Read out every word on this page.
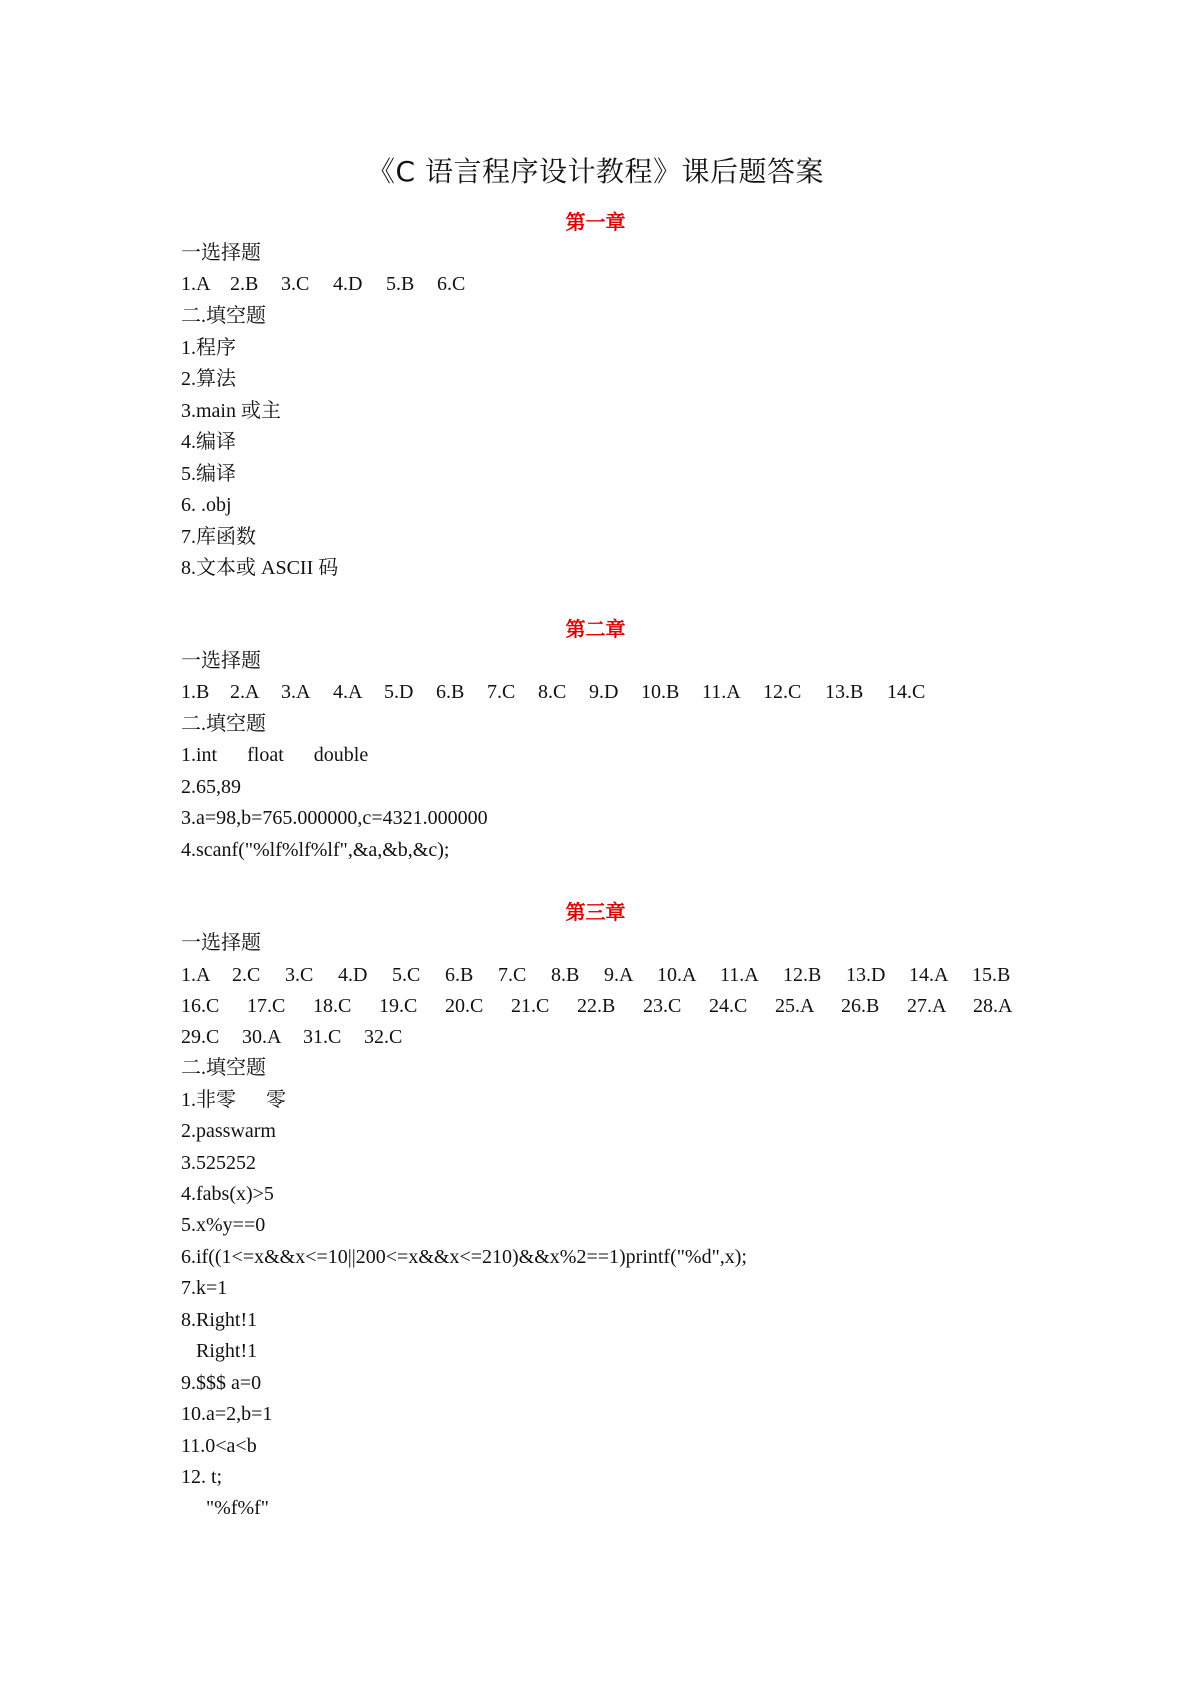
《C 语言程序设计教程》课后题答案
第一章
一选择题
1.A 2.B 3.C 4.D 5.B 6.C
二.填空题
1.程序
2.算法
3.main 或主
4.编译
5.编译
6. .obj
7.库函数
8.文本或 ASCII 码
第二章
一选择题
1.B 2.A 3.A 4.A 5.D 6.B 7.C 8.C 9.D 10.B 11.A 12.C 13.B 14.C
二.填空题
1.int      float      double
2.65,89
3.a=98,b=765.000000,c=4321.000000
4.scanf("%lf%lf%lf",&a,&b,&c);
第三章
一选择题
1.A 2.C 3.C 4.D 5.C 6.B 7.C 8.B 9.A 10.A 11.A 12.B 13.D 14.A 15.B
16.C 17.C 18.C 19.C 20.C 21.C 22.B 23.C 24.C 25.A 26.B 27.A 28.A
29.C 30.A 31.C 32.C
二.填空题
1.非零      零
2.passwarm
3.525252
4.fabs(x)>5
5.x%y==0
6.if((1<=x&&x<=10||200<=x&&x<=210)&&x%2==1)printf("%d",x);
7.k=1
8.Right!1
Right!1
9.$$$ a=0
10.a=2,b=1
11.0<a<b
12. t;
"%f%f"
